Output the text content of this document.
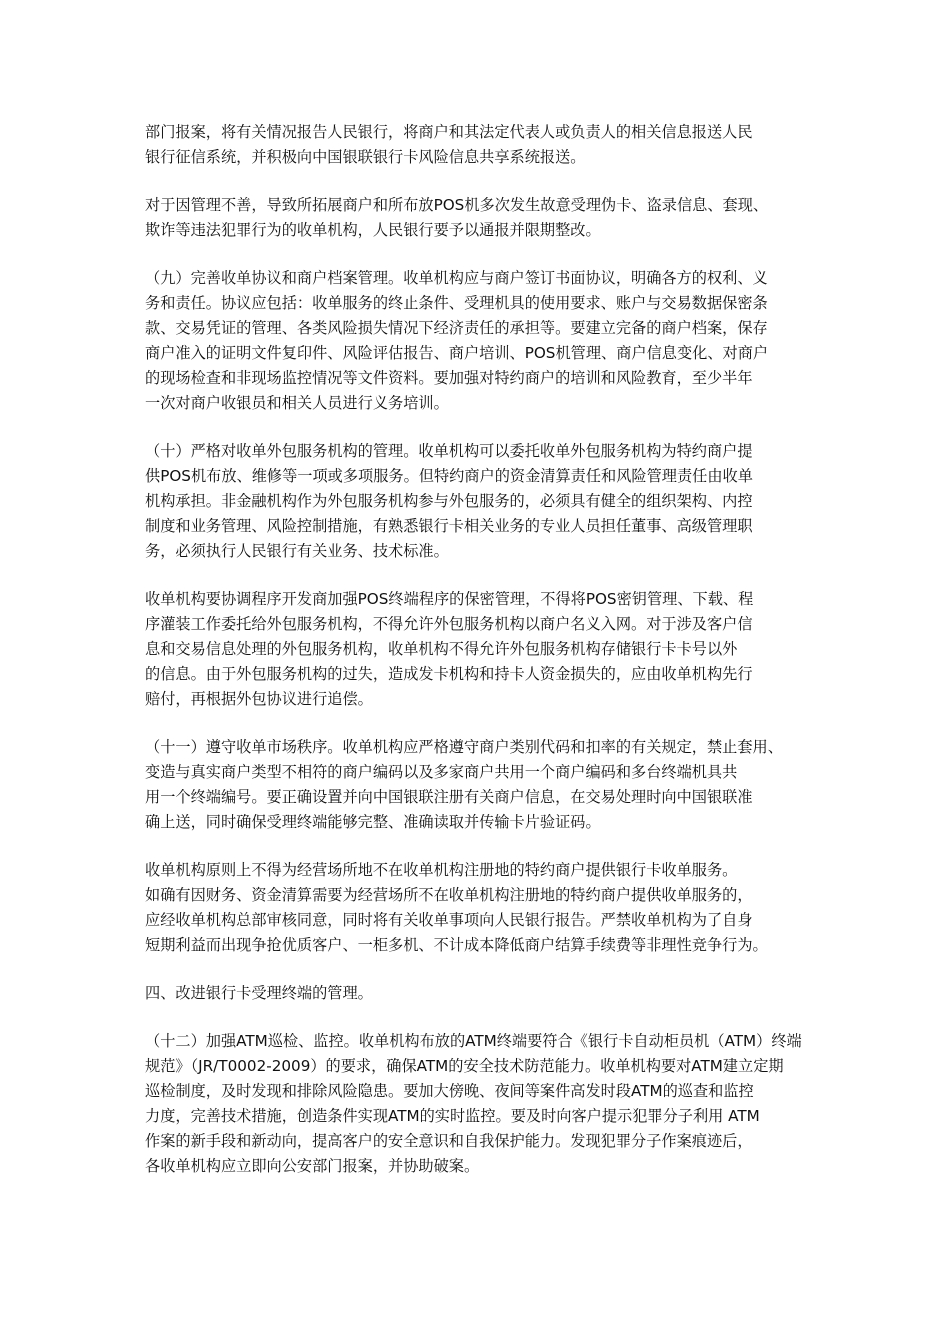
部门报案，将有关情况报告人民银行，将商户和其法定代表人或负责人的相关信息报送人民
银行征信系统，并积极向中国银联银行卡风险信息共享系统报送。
对于因管理不善，导致所拓展商户和所布放POS机多次发生故意受理伪卡、盗录信息、套现、
欺诈等违法犯罪行为的收单机构，人民银行要予以通报并限期整改。
（九）完善收单协议和商户档案管理。收单机构应与商户签订书面协议，明确各方的权利、义
务和责任。协议应包括：收单服务的终止条件、受理机具的使用要求、账户与交易数据保密条
款、交易凭证的管理、各类风险损失情况下经济责任的承担等。要建立完备的商户档案，保存
商户准入的证明文件复印件、风险评估报告、商户培训、POS机管理、商户信息变化、对商户
的现场检查和非现场监控情况等文件资料。要加强对特约商户的培训和风险教育，至少半年
一次对商户收银员和相关人员进行义务培训。
（十）严格对收单外包服务机构的管理。收单机构可以委托收单外包服务机构为特约商户提
供POS机布放、维修等一项或多项服务。但特约商户的资金清算责任和风险管理责任由收单
机构承担。非金融机构作为外包服务机构参与外包服务的，必须具有健全的组织架构、内控
制度和业务管理、风险控制措施，有熟悉银行卡相关业务的专业人员担任董事、高级管理职
务，必须执行人民银行有关业务、技术标准。
收单机构要协调程序开发商加强POS终端程序的保密管理，不得将POS密钥管理、下载、程
序灌装工作委托给外包服务机构，不得允许外包服务机构以商户名义入网。对于涉及客户信
息和交易信息处理的外包服务机构，收单机构不得允许外包服务机构存储银行卡卡号以外
的信息。由于外包服务机构的过失，造成发卡机构和持卡人资金损失的，应由收单机构先行
赔付，再根据外包协议进行追偿。
（十一）遵守收单市场秩序。收单机构应严格遵守商户类别代码和扣率的有关规定，禁止套用、
变造与真实商户类型不相符的商户编码以及多家商户共用一个商户编码和多台终端机具共
用一个终端编号。要正确设置并向中国银联注册有关商户信息，在交易处理时向中国银联准
确上送，同时确保受理终端能够完整、准确读取并传输卡片验证码。
收单机构原则上不得为经营场所地不在收单机构注册地的特约商户提供银行卡收单服务。
如确有因财务、资金清算需要为经营场所不在收单机构注册地的特约商户提供收单服务的，
应经收单机构总部审核同意，同时将有关收单事项向人民银行报告。严禁收单机构为了自身
短期利益而出现争抢优质客户、一柜多机、不计成本降低商户结算手续费等非理性竞争行为。
四、改进银行卡受理终端的管理。
（十二）加强ATM巡检、监控。收单机构布放的ATM终端要符合《银行卡自动柜员机（ATM）终端
规范》（JR/T0002-2009）的要求，确保ATM的安全技术防范能力。收单机构要对ATM建立定期
巡检制度，及时发现和排除风险隐患。要加大傍晚、夜间等案件高发时段ATM的巡查和监控
力度，完善技术措施，创造条件实现ATM的实时监控。要及时向客户提示犯罪分子利用 ATM
作案的新手段和新动向，提高客户的安全意识和自我保护能力。发现犯罪分子作案痕迹后，
各收单机构应立即向公安部门报案，并协助破案。
